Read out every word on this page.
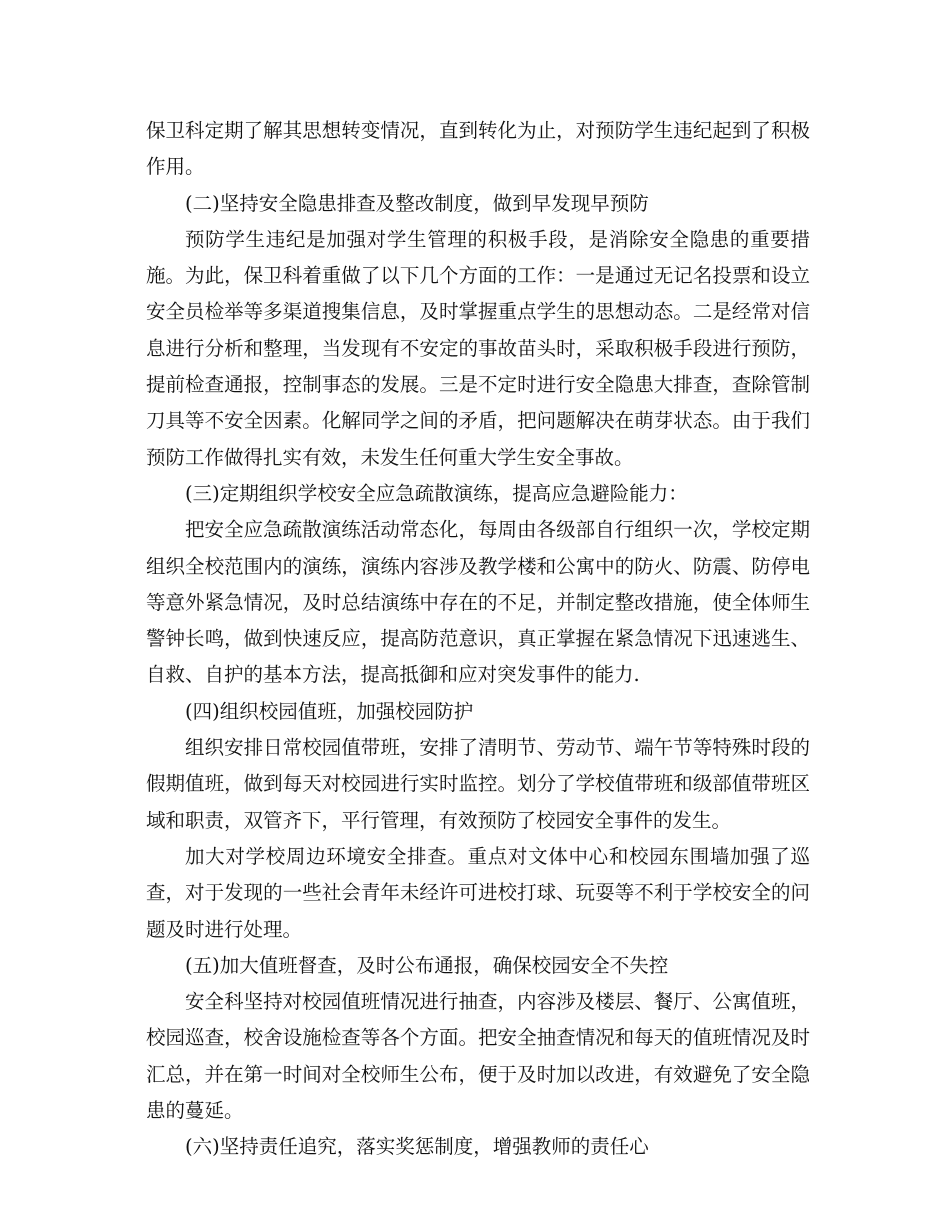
保卫科定期了解其思想转变情况，直到转化为止，对预防学生违纪起到了积极作用。

(二)坚持安全隐患排查及整改制度，做到早发现早预防

预防学生违纪是加强对学生管理的积极手段，是消除安全隐患的重要措施。为此，保卫科着重做了以下几个方面的工作：一是通过无记名投票和设立安全员检举等多渠道搜集信息，及时掌握重点学生的思想动态。二是经常对信息进行分析和整理，当发现有不安定的事故苗头时，采取积极手段进行预防，提前检查通报，控制事态的发展。三是不定时进行安全隐患大排查，查除管制刀具等不安全因素。化解同学之间的矛盾，把问题解决在萌芽状态。由于我们预防工作做得扎实有效，未发生任何重大学生安全事故。

(三)定期组织学校安全应急疏散演练，提高应急避险能力：

把安全应急疏散演练活动常态化，每周由各级部自行组织一次，学校定期组织全校范围内的演练，演练内容涉及教学楼和公寓中的防火、防震、防停电等意外紧急情况，及时总结演练中存在的不足，并制定整改措施，使全体师生警钟长鸣，做到快速反应，提高防范意识，真正掌握在紧急情况下迅速逃生、自救、自护的基本方法，提高抵御和应对突发事件的能力.

(四)组织校园值班，加强校园防护

组织安排日常校园值带班，安排了清明节、劳动节、端午节等特殊时段的假期值班，做到每天对校园进行实时监控。划分了学校值带班和级部值带班区域和职责，双管齐下，平行管理，有效预防了校园安全事件的发生。

加大对学校周边环境安全排查。重点对文体中心和校园东围墙加强了巡查，对于发现的一些社会青年未经许可进校打球、玩耍等不利于学校安全的问题及时进行处理。

(五)加大值班督查，及时公布通报，确保校园安全不失控

安全科坚持对校园值班情况进行抽查，内容涉及楼层、餐厅、公寓值班，校园巡查，校舍设施检查等各个方面。把安全抽查情况和每天的值班情况及时汇总，并在第一时间对全校师生公布，便于及时加以改进，有效避免了安全隐患的蔓延。

(六)坚持责任追究，落实奖惩制度，增强教师的责任心
